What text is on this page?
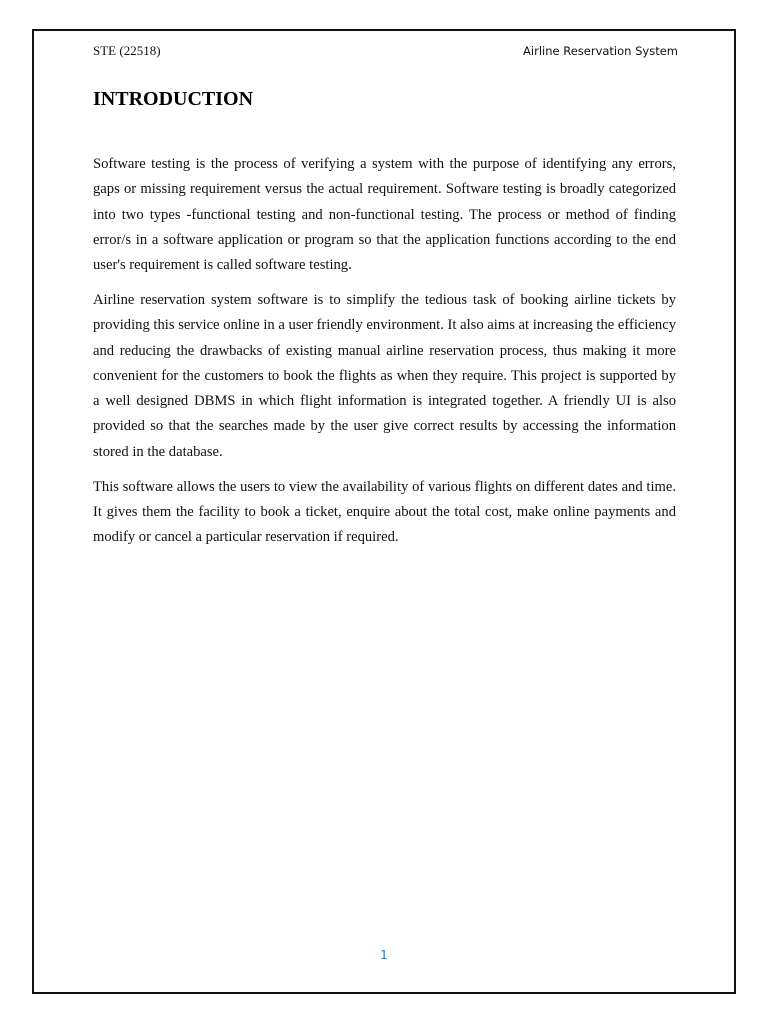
STE (22518)	Airline Reservation System
INTRODUCTION

Software testing is the process of verifying a system with the purpose of identifying any errors, gaps or missing requirement versus the actual requirement. Software testing is broadly categorized into two types -functional testing and non-functional testing. The process or method of finding error/s in a software application or program so that the application functions according to the end user's requirement is called software testing.

Airline reservation system software is to simplify the tedious task of booking airline tickets by providing this service online in a user friendly environment. It also aims at increasing the efficiency and reducing the drawbacks of existing manual airline reservation process, thus making it more convenient for the customers to book the flights as when they require. This project is supported by a well designed DBMS in which flight information is integrated together. A friendly UI is also provided so that the searches made by the user give correct results by accessing the information stored in the database.

This software allows the users to view the availability of various flights on different dates and time. It gives them the facility to book a ticket, enquire about the total cost, make online payments and modify or cancel a particular reservation if required.

1
